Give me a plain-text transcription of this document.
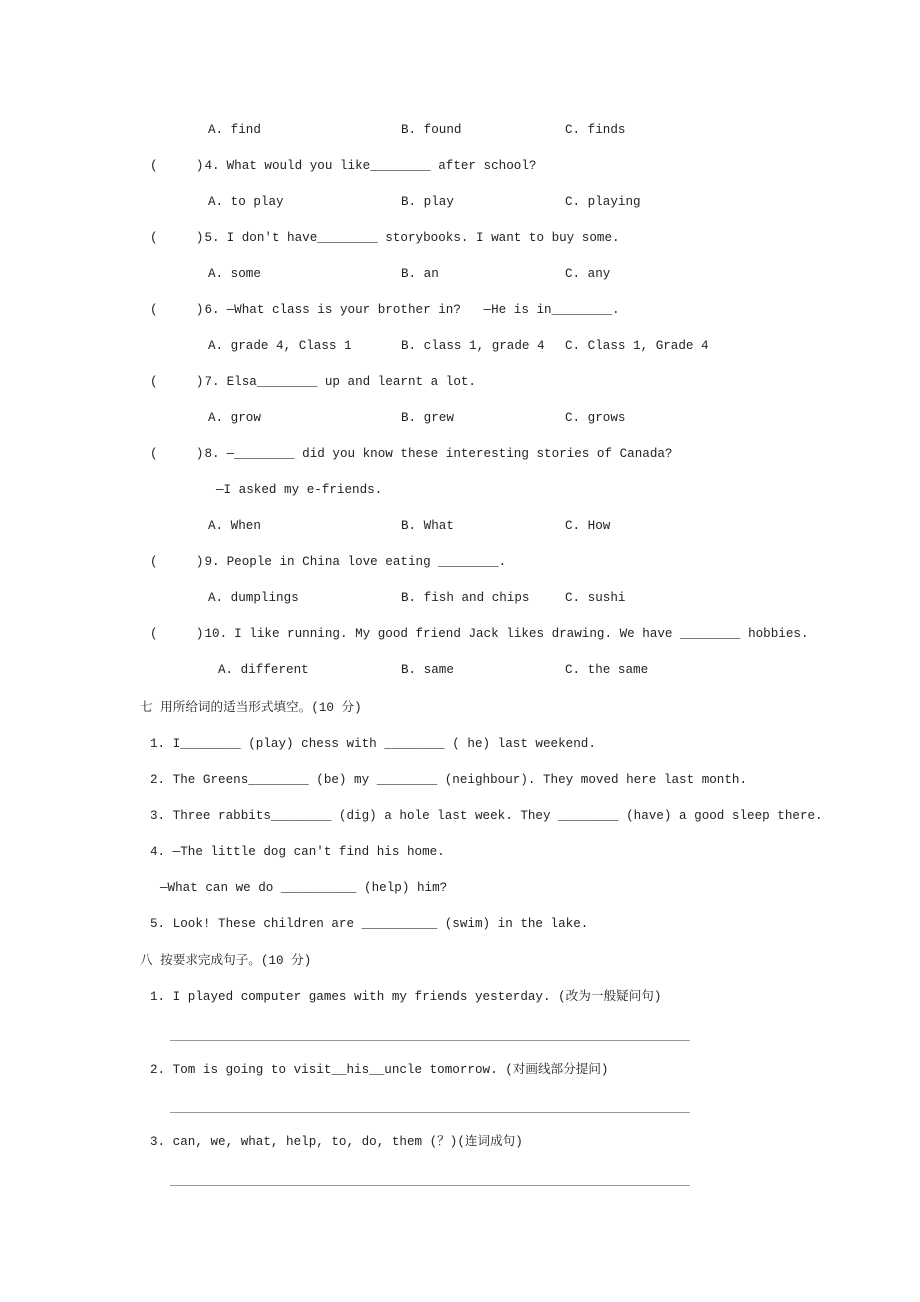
A. find	B. found	C. finds
(      ) 4. What would you like________ after school?
A. to play	B. play	C. playing
(      ) 5. I don't have________ storybooks. I want to buy some.
A. some	B. an	C. any
(      ) 6. —What class is your brother in?   —He is in________.
A. grade 4, Class 1	B. class 1, grade 4 C. Class 1, Grade 4
(      ) 7. Elsa________ up and learnt a lot.
A. grow	B. grew	C. grows
(      ) 8. —________ did you know these interesting stories of Canada?
—I asked my e-friends.
A. When	B. What	C. How
(      ) 9. People in China love eating ________.
A. dumplings	B. fish and chips	C. sushi
(      ) 10. I like running. My good friend Jack likes drawing. We have ________ hobbies.
A. different	B. same	C. the same
七 用所给词的适当形式填空。(10 分)
1. I________ (play) chess with ________ ( he) last weekend.
2. The Greens________ (be) my ________ (neighbour). They moved here last month.
3. Three rabbits________ (dig) a hole last week. They ________ (have) a good sleep there.
4. —The little dog can't find his home.
—What can we do __________ (help) him?
5. Look! These children are __________ (swim) in the lake.
八 按要求完成句子。(10 分)
1. I played computer games with my friends yesterday. (改为一般疑问句)
2. Tom is going to visit__his__uncle tomorrow. (对画线部分提问)
3. can, we, what, help, to, do, them (？)(连词成句)
